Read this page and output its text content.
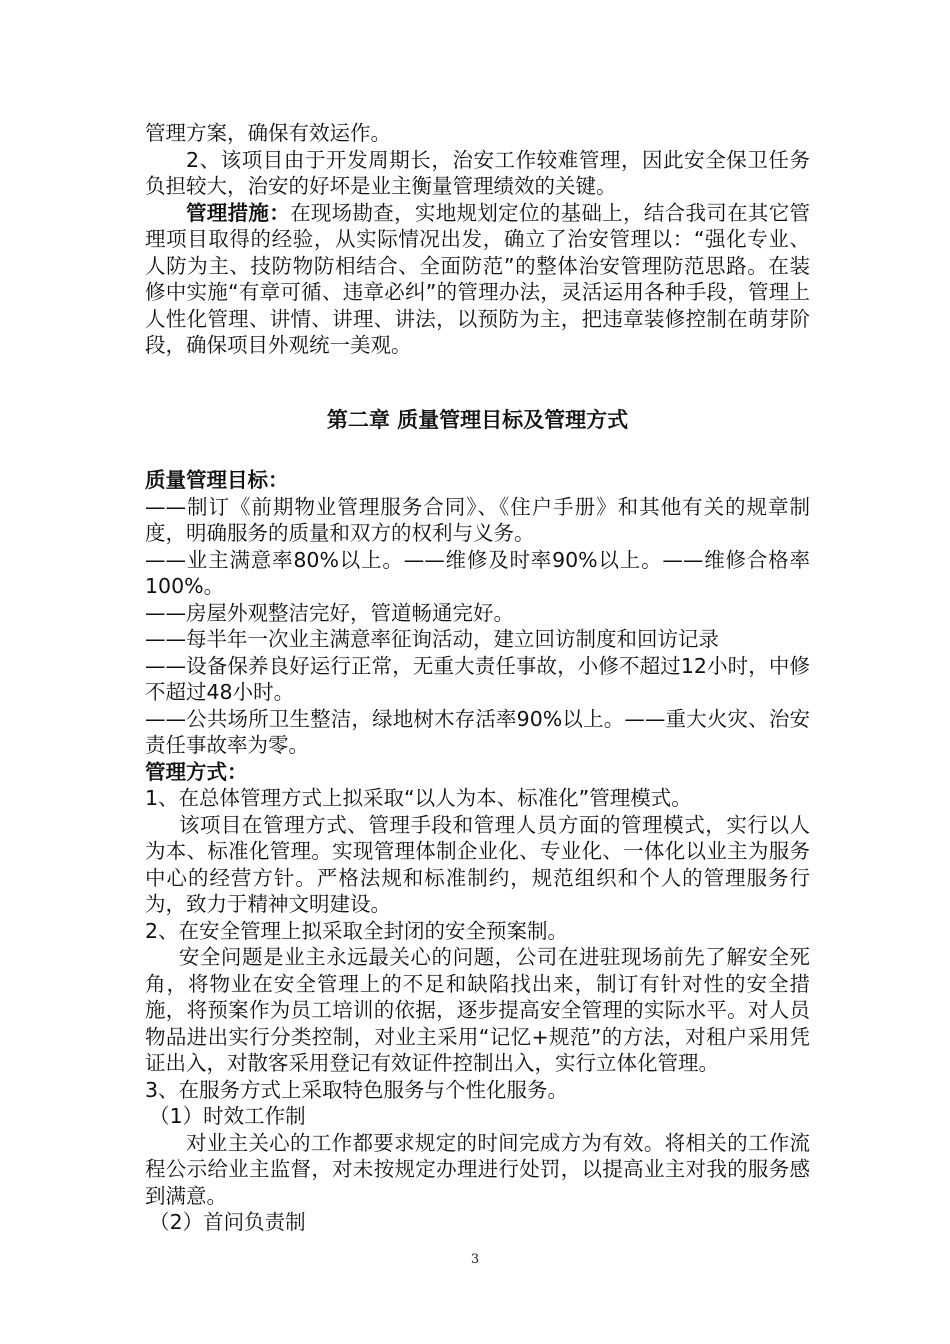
管理方案，确保有效运作。

2、该项目由于开发周期长，治安工作较难管理，因此安全保卫任务负担较大，治安的好坏是业主衡量管理绩效的关键。

管理措施：在现场勘查，实地规划定位的基础上，结合我司在其它管理项目取得的经验，从实际情况出发，确立了治安管理以：“强化专业、人防为主、技防物防相结合、全面防范”的整体治安管理防范思路。在装修中实施“有章可循、违章必纠”的管理办法，灵活运用各种手段，管理上人性化管理、讲情、讲理、讲法，以预防为主，把违章装修控制在萌芽阶段，确保项目外观统一美观。

第二章 质量管理目标及管理方式

质量管理目标：

——制订《前期物业管理服务合同》、《住户手册》和其他有关的规章制度，明确服务的质量和双方的权利与义务。

——业主满意率80%以上。——维修及时率90%以上。——维修合格率100%。

——房屋外观整洁完好，管道畅通完好。

——每半年一次业主满意率征询活动，建立回访制度和回访记录

——设备保养良好运行正常，无重大责任事故，小修不超过12小时，中修不超过48小时。

——公共场所卫生整洁，绿地树木存活率90%以上。——重大火灾、治安责任事故率为零。

管理方式：

1、在总体管理方式上拟采取“以人为本、标准化”管理模式。

该项目在管理方式、管理手段和管理人员方面的管理模式，实行以人为本、标准化管理。实现管理体制企业化、专业化、一体化以业主为服务中心的经营方针。严格法规和标准制约，规范组织和个人的管理服务行为，致力于精神文明建设。

2、在安全管理上拟采取全封闭的安全预案制。

安全问题是业主永远最关心的问题，公司在进驻现场前先了解安全死角，将物业在安全管理上的不足和缺陷找出来，制订有针对性的安全措施，将预案作为员工培训的依据，逐步提高安全管理的实际水平。对人员物品进出实行分类控制，对业主采用“记忆+规范”的方法，对租户采用凭证出入，对散客采用登记有效证件控制出入，实行立体化管理。

3、在服务方式上采取特色服务与个性化服务。

（1）时效工作制

对业主关心的工作都要求规定的时间完成方为有效。将相关的工作流程公示给业主监督，对未按规定办理进行处罚，以提高业主对我的服务感到满意。

（2）首问负责制

3
